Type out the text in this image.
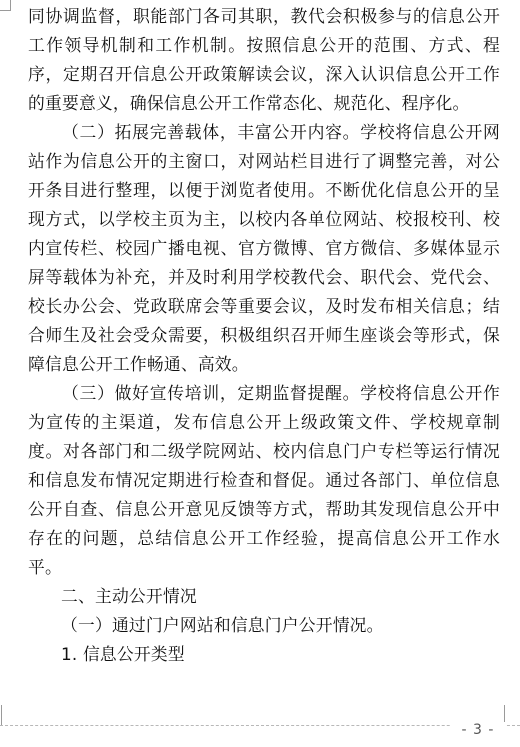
同协调监督，职能部门各司其职，教代会积极参与的信息公开工作领导机制和工作机制。按照信息公开的范围、方式、程序，定期召开信息公开政策解读会议，深入认识信息公开工作的重要意义，确保信息公开工作常态化、规范化、程序化。

（二）拓展完善载体，丰富公开内容。学校将信息公开网站作为信息公开的主窗口，对网站栏目进行了调整完善，对公开条目进行整理，以便于浏览者使用。不断优化信息公开的呈现方式，以学校主页为主，以校内各单位网站、校报校刊、校内宣传栏、校园广播电视、官方微博、官方微信、多媒体显示屏等载体为补充，并及时利用学校教代会、职代会、党代会、校长办公会、党政联席会等重要会议，及时发布相关信息；结合师生及社会受众需要，积极组织召开师生座谈会等形式，保障信息公开工作畅通、高效。

（三）做好宣传培训，定期监督提醒。学校将信息公开作为宣传的主渠道，发布信息公开上级政策文件、学校规章制度。对各部门和二级学院网站、校内信息门户专栏等运行情况和信息发布情况定期进行检查和督促。通过各部门、单位信息公开自查、信息公开意见反馈等方式，帮助其发现信息公开中存在的问题，总结信息公开工作经验，提高信息公开工作水平。

二、主动公开情况

（一）通过门户网站和信息门户公开情况。

1. 信息公开类型

- 3 -
